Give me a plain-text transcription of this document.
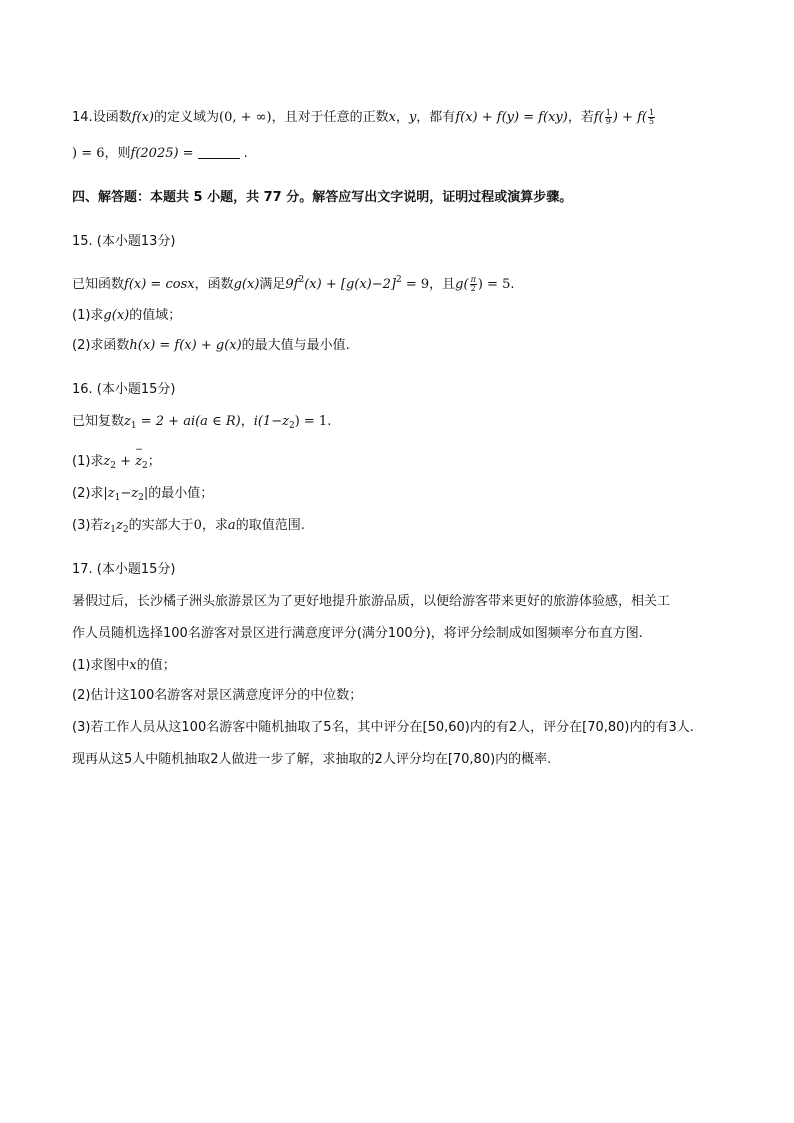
14.设函数f(x)的定义域为(0, + ∞)，且对于任意的正数x，y，都有f(x) + f(y) = f(xy)，若$f( \frac{1}{9}$ ) + $f( \frac{1}{5}$
) = 6，则f(2025) =	.
四、解答题：本题共 5 小题，共 77 分。解答应写出文字说明，证明过程或演算步骤。
15. (本小题13分)
已知函数f(x) = cosx，函数g(x)满足$9f^2(x) + [g(x)-2]^2 = 9$，且$g( \frac{\pi}{2}$ ) = 5.
(1)求g(x)的值域；
(2)求函数h(x) = f(x) + g(x)的最大值与最小值.
16. (本小题15分)
已知复数$z_1 = 2 + ai(a$ ∈ R)，$i(1-z_2) = 1$.
(1)求$z_2$ + − $z_2$；
(2)求$|z_1-z_2|$的最小值；
(3)若$z_1z_2$的实部大于0，求a的取值范围.
17. (本小题15分)
暑假过后，长沙橘子洲头旅游景区为了更好地提升旅游品质，以便给游客带来更好的旅游体验感，相关工
作人员随机选择100名游客对景区进行满意度评分(满分100分)，将评分绘制成如图频率分布直方图.
(1)求图中x的值；
(2)估计这100名游客对景区满意度评分的中位数；
(3)若工作人员从这100名游客中随机抽取了5名，其中评分在[50,60)内的有2人，评分在[70,80)内的有3人.
现再从这5人中随机抽取2人做进一步了解，求抽取的2人评分均在[70,80)内的概率.
